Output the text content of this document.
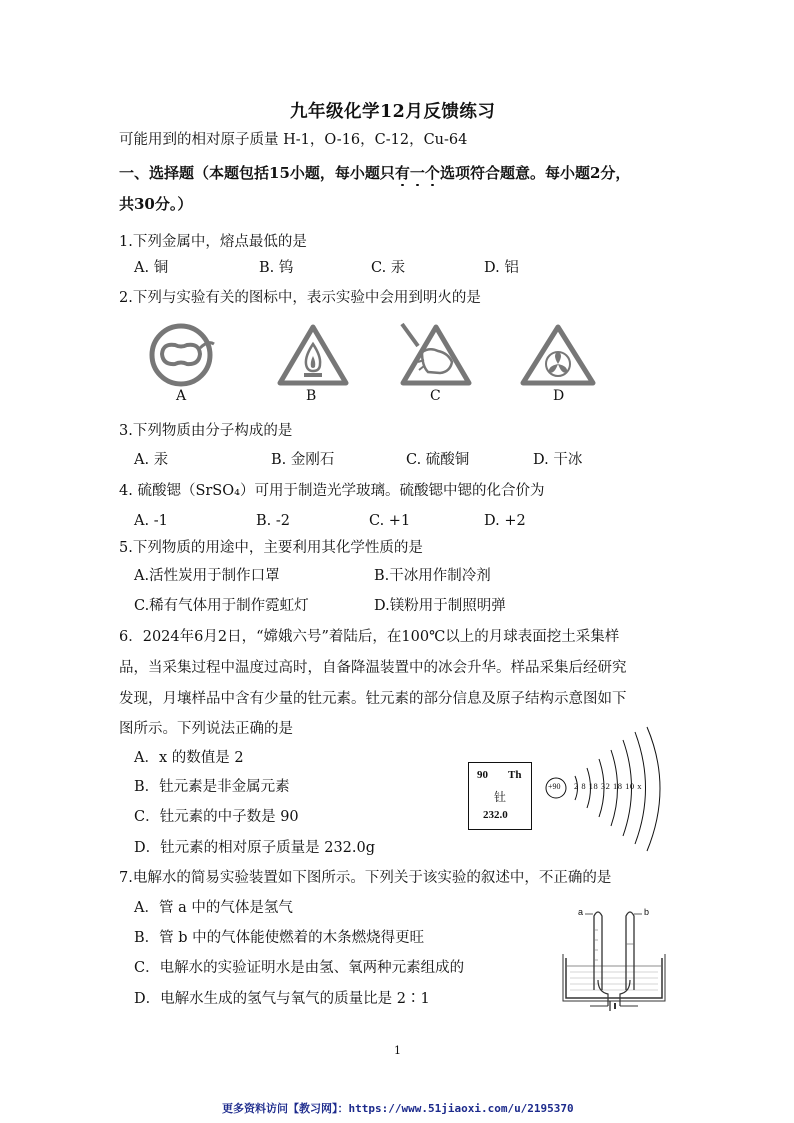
九年级化学12月反馈练习
可能用到的相对原子质量 H-1，O-16，C-12，Cu-64
一、选择题（本题包括15小题，每小题只有一个选项符合题意。每小题2分，
共30分。）
1.下列金属中，熔点最低的是
A. 铜	B. 钨	C. 汞	D. 铝
2.下列与实验有关的图标中，表示实验中会用到明火的是
A	B	C	D
3.下列物质由分子构成的是
A. 汞	B. 金刚石	C. 硫酸铜	D. 干冰
4. 硫酸锶（SrSO₄）可用于制造光学玻璃。硫酸锶中锶的化合价为
A. -1	B. -2	C. +1	D. +2
5.下列物质的用途中，主要利用其化学性质的是
A.活性炭用于制作口罩	B.干冰用作制冷剂
C.稀有气体用于制作霓虹灯	D.镁粉用于制照明弹
6．2024年6月2日，“嫦娥六号”着陆后，在100℃以上的月球表面挖土采集样
品，当采集过程中温度过高时，自备降温装置中的冰会升华。样品采集后经研究
发现，月壤样品中含有少量的钍元素。钍元素的部分信息及原子结构示意图如下
图所示。下列说法正确的是
A．x 的数值是 2
B．钍元素是非金属元素
C．钍元素的中子数是 90
D．钍元素的相对原子质量是 232.0g
90 Th
钍
232.0
+90 2 8 18 32 18 10 x
7.电解水的简易实验装置如下图所示。下列关于该实验的叙述中，不正确的是
A．管 a 中的气体是氢气
B．管 b 中的气体能使燃着的木条燃烧得更旺
C．电解水的实验证明水是由氢、氧两种元素组成的
D．电解水生成的氢气与氧气的质量比是 2∶1
a	b
1
更多资料访问【教习网】：https://www.51jiaoxi.com/u/2195370
